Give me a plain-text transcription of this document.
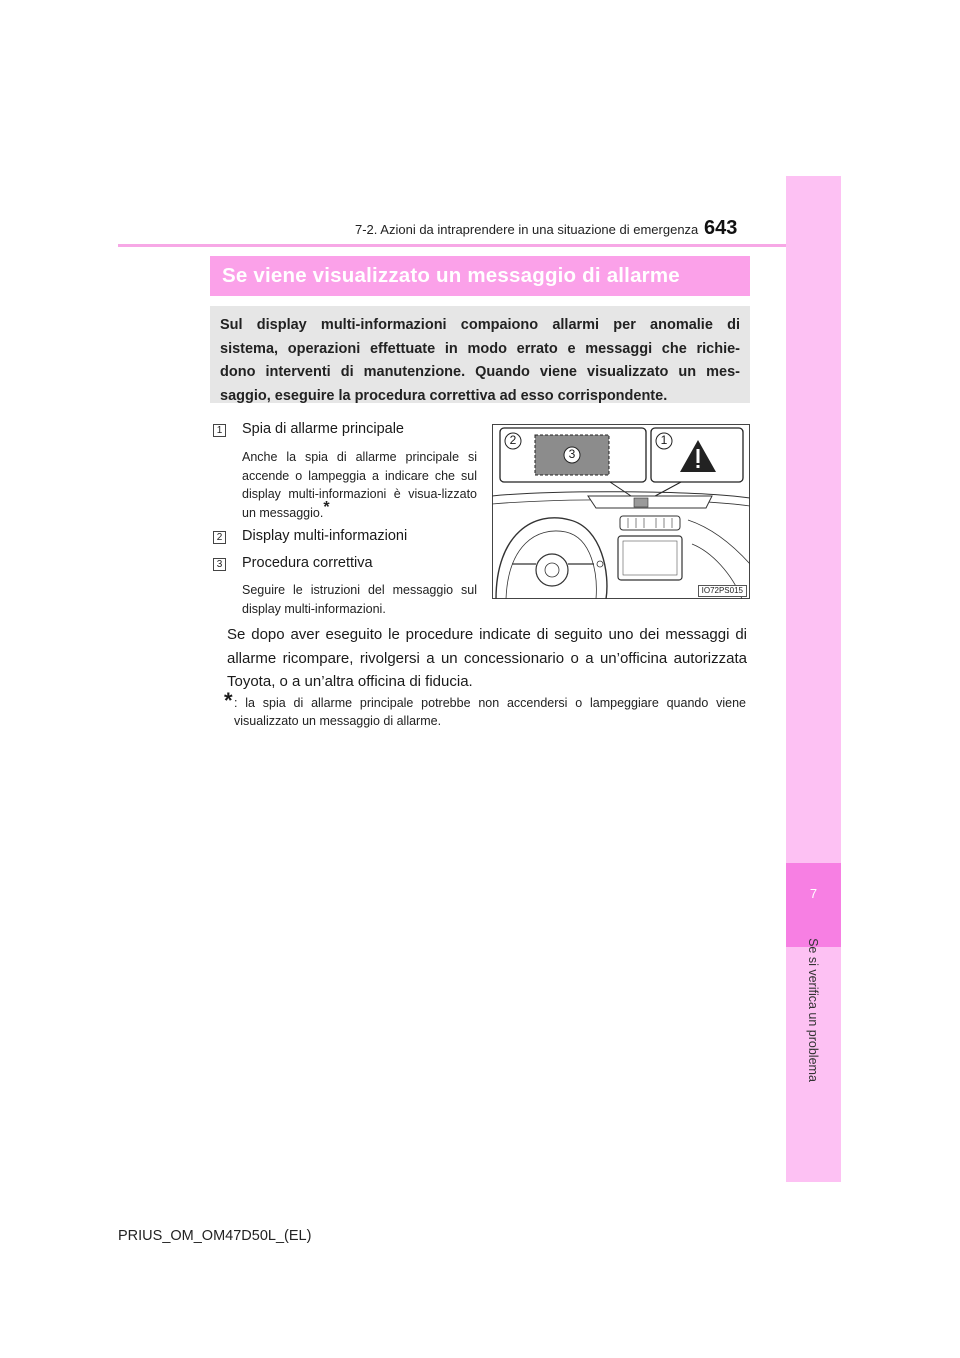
7-2. Azioni da intraprendere in una situazione di emergenza 643
7
Se si verifica un problema
Se viene visualizzato un messaggio di allarme

Sul display multi-informazioni compaiono allarmi per anomalie di
sistema, operazioni effettuate in modo errato e messaggi che richie-
dono interventi di manutenzione. Quando viene visualizzato un mes-
saggio, eseguire la procedura correttiva ad esso corrispondente.

1 Spia di allarme principale

Anche la spia di allarme principale si accende o lampeggia a indicare che sul display multi-informazioni è visua-lizzato un messaggio.*

2 Display multi-informazioni
3 Procedura correttiva

Seguire le istruzioni del messaggio sul display multi-informazioni.

2
3
1
IO72PS015

Se dopo aver eseguito le procedure indicate di seguito uno dei messaggi di allarme ricompare, rivolgersi a un concessionario o a un’officina autorizzata Toyota, o a un’altra officina di fiducia.

* : la spia di allarme principale potrebbe non accendersi o lampeggiare quando viene visualizzato un messaggio di allarme.

PRIUS_OM_OM47D50L_(EL)
